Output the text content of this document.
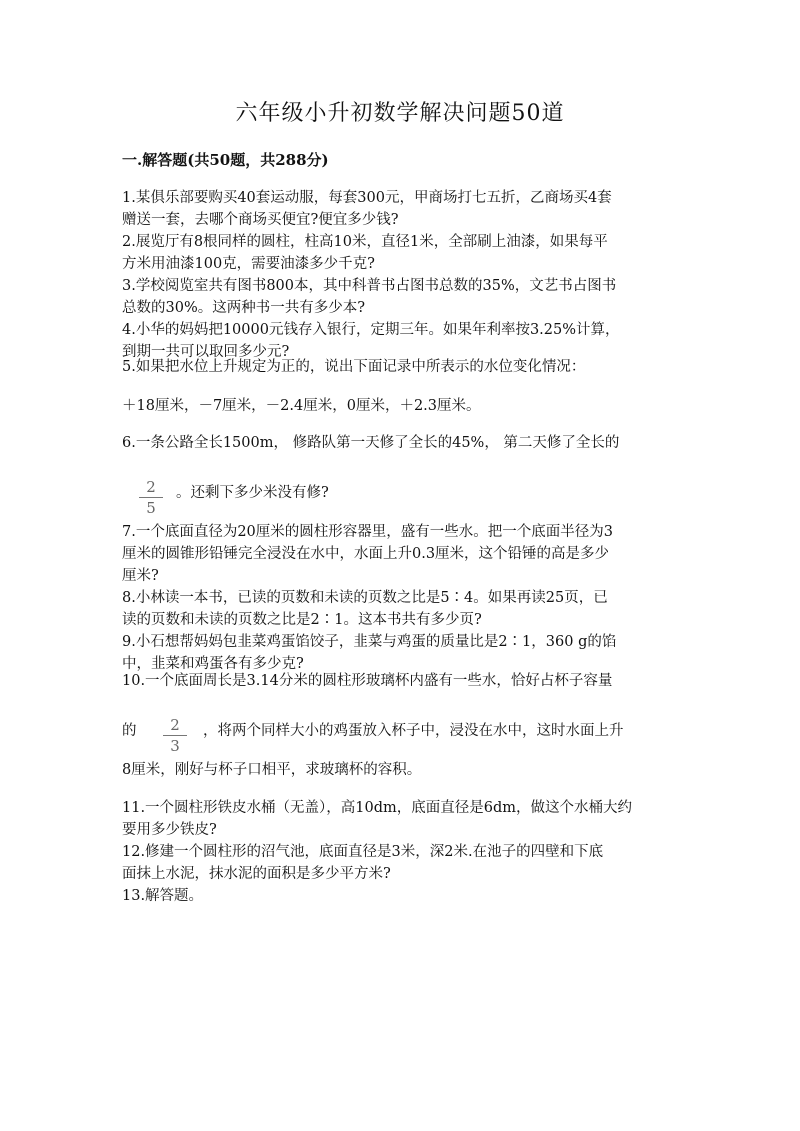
六年级小升初数学解决问题50道
一.解答题(共50题，共288分)

1.某俱乐部要购买40套运动服，每套300元，甲商场打七五折，乙商场买4套

赠送一套，去哪个商场买便宜?便宜多少钱?

2.展览厅有8根同样的圆柱，柱高10米，直径1米，全部刷上油漆，如果每平

方米用油漆100克，需要油漆多少千克?

3.学校阅览室共有图书800本，其中科普书占图书总数的35%，文艺书占图书

总数的30%。这两种书一共有多少本?

4.小华的妈妈把10000元钱存入银行，定期三年。如果年利率按3.25%计算，

到期一共可以取回多少元?

5.如果把水位上升规定为正的，说出下面记录中所表示的水位变化情况：

＋18厘米，－7厘米，－2.4厘米，0厘米，＋2.3厘米。

6.一条公路全长1500m， 修路队第一天修了全长的45%， 第二天修了全长的

$\frac{2}{5}$ 。还剩下多少米没有修?

7.一个底面直径为20厘米的圆柱形容器里，盛有一些水。把一个底面半径为3

厘米的圆锥形铅锤完全浸没在水中，水面上升0.3厘米，这个铅锤的高是多少

厘米?

8.小林读一本书，已读的页数和未读的页数之比是5∶4。如果再读25页，已

读的页数和未读的页数之比是2∶1。这本书共有多少页?

9.小石想帮妈妈包韭菜鸡蛋馅饺子，韭菜与鸡蛋的质量比是2∶1，360 g的馅

中，韭菜和鸡蛋各有多少克?

10.一个底面周长是3.14分米的圆柱形玻璃杯内盛有一些水，恰好占杯子容量

的 $\frac{2}{3}$ ，将两个同样大小的鸡蛋放入杯子中，浸没在水中，这时水面上升

8厘米，刚好与杯子口相平，求玻璃杯的容积。

11.一个圆柱形铁皮水桶（无盖），高10dm，底面直径是6dm，做这个水桶大约

要用多少铁皮?

12.修建一个圆柱形的沼气池，底面直径是3米，深2米.在池子的四壁和下底

面抹上水泥，抹水泥的面积是多少平方米?

13.解答题。
